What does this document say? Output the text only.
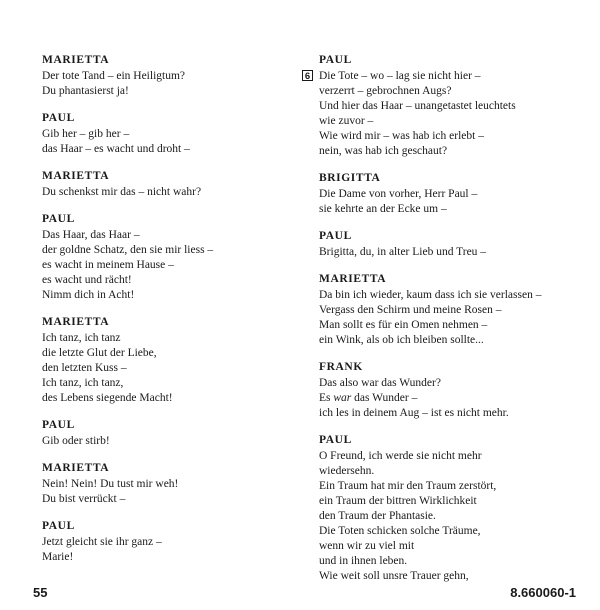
MARIETTA
Der tote Tand – ein Heiligtum?
Du phantasierst ja!
PAUL
Gib her – gib her –
das Haar – es wacht und droht –
MARIETTA
Du schenkst mir das – nicht wahr?
PAUL
Das Haar, das Haar –
der goldne Schatz, den sie mir liess –
es wacht in meinem Hause –
es wacht und rächt!
Nimm dich in Acht!
MARIETTA
Ich tanz, ich tanz
die letzte Glut der Liebe,
den letzten Kuss –
Ich tanz, ich tanz,
des Lebens siegende Macht!
PAUL
Gib oder stirb!
MARIETTA
Nein! Nein! Du tust mir weh!
Du bist verrückt –
PAUL
Jetzt gleicht sie ihr ganz –
Marie!
PAUL
6 Die Tote – wo – lag sie nicht hier –
verzerrt – gebrochnen Augs?
Und hier das Haar – unangetastet leuchtets
wie zuvor –
Wie wird mir – was hab ich erlebt –
nein, was hab ich geschaut?
BRIGITTA
Die Dame von vorher, Herr Paul –
sie kehrte an der Ecke um –
PAUL
Brigitta, du, in alter Lieb und Treu –
MARIETTA
Da bin ich wieder, kaum dass ich sie verlassen –
Vergass den Schirm und meine Rosen –
Man sollt es für ein Omen nehmen –
ein Wink, als ob ich bleiben sollte...
FRANK
Das also war das Wunder?
Es war das Wunder –
ich les in deinem Aug – ist es nicht mehr.
PAUL
O Freund, ich werde sie nicht mehr
wiedersehn.
Ein Traum hat mir den Traum zerstört,
ein Traum der bittren Wirklichkeit
den Traum der Phantasie.
Die Toten schicken solche Träume,
wenn wir zu viel mit
und in ihnen leben.
Wie weit soll unsre Trauer gehn,
55	8.660060-1
